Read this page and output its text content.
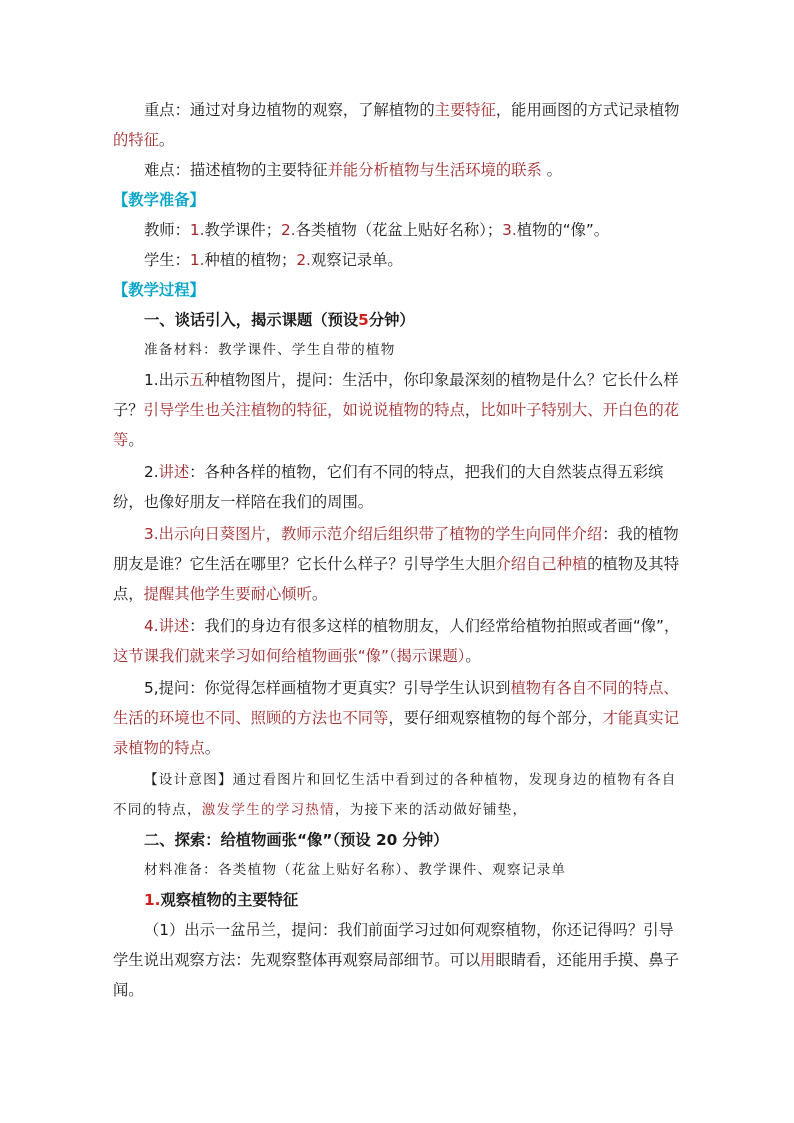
重点：通过对身边植物的观察，了解植物的主要特征，能用画图的方式记录植物的特征。

难点：描述植物的主要特征并能分析植物与生活环境的联系 。

【教学准备】

教师：1.教学课件；2.各类植物（花盆上贴好名称）；3.植物的“像”。

学生：1.种植的植物；2.观察记录单。

【教学过程】

一、谈话引入，揭示课题（预设5分钟）

准备材料：教学课件、学生自带的植物

1.出示五种植物图片，提问：生活中，你印象最深刻的植物是什么？它长什么样子？引导学生也关注植物的特征，如说说植物的特点，比如叶子特别大、开白色的花等。

2.讲述：各种各样的植物，它们有不同的特点，把我们的大自然装点得五彩缤纷，也像好朋友一样陪在我们的周围。

3.出示向日葵图片，教师示范介绍后组织带了植物的学生向同伴介绍：我的植物朋友是谁？它生活在哪里？它长什么样子？引导学生大胆介绍自己种植的植物及其特点，提醒其他学生要耐心倾听。

4.讲述：我们的身边有很多这样的植物朋友，人们经常给植物拍照或者画“像”，这节课我们就来学习如何给植物画张“像”（揭示课题）。

5,提问：你觉得怎样画植物才更真实？引导学生认识到植物有各自不同的特点、生活的环境也不同、照顾的方法也不同等，要仔细观察植物的每个部分，才能真实记录植物的特点。

【设计意图】通过看图片和回忆生活中看到过的各种植物，发现身边的植物有各自不同的特点，激发学生的学习热情，为接下来的活动做好铺垫，

二、探索：给植物画张“像”（预设 20 分钟）

材料准备：各类植物（花盆上贴好名称）、教学课件、观察记录单

1.观察植物的主要特征

（1）出示一盆吊兰，提问：我们前面学习过如何观察植物，你还记得吗？引导学生说出观察方法：先观察整体再观察局部细节。可以用眼睛看，还能用手摸、鼻子闻。
